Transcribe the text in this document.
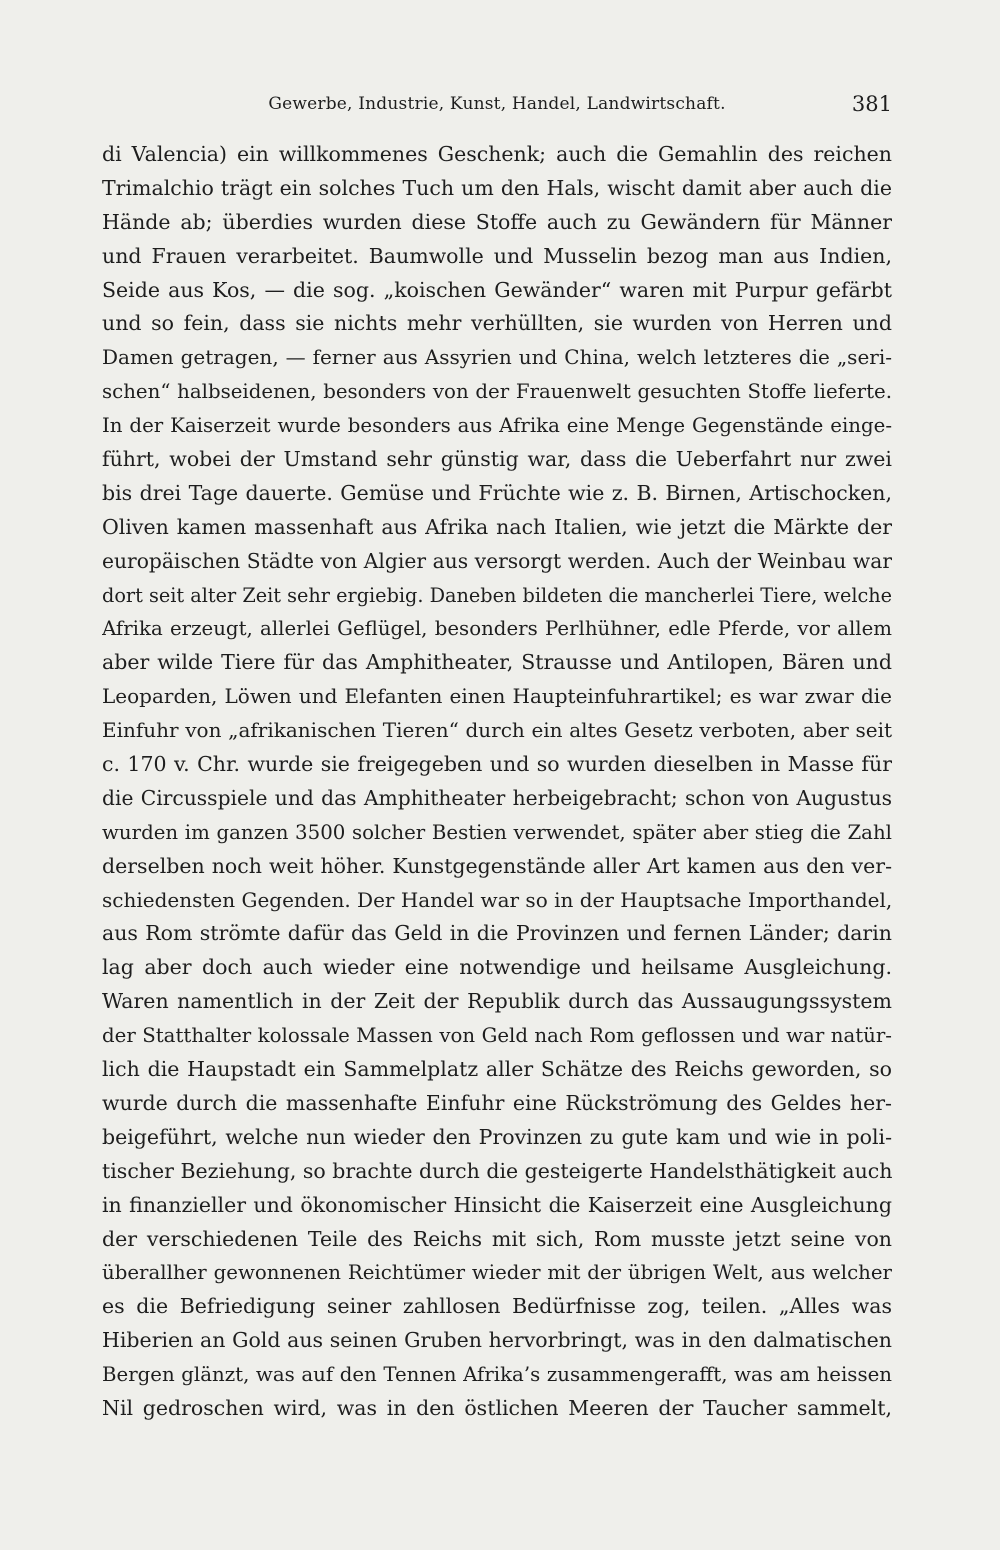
Gewerbe, Industrie, Kunst, Handel, Landwirtschaft.	381
di Valencia) ein willkommenes Geschenk; auch die Gemahlin des reichen
Trimalchio trägt ein solches Tuch um den Hals, wischt damit aber auch die
Hände ab; überdies wurden diese Stoffe auch zu Gewändern für Männer
und Frauen verarbeitet. Baumwolle und Musselin bezog man aus Indien,
Seide aus Kos, — die sog. „koischen Gewänder“ waren mit Purpur gefärbt
und so fein, dass sie nichts mehr verhüllten, sie wurden von Herren und
Damen getragen, — ferner aus Assyrien und China, welch letzteres die „seri-
schen“ halbseidenen, besonders von der Frauenwelt gesuchten Stoffe lieferte.
In der Kaiserzeit wurde besonders aus Afrika eine Menge Gegenstände einge-
führt, wobei der Umstand sehr günstig war, dass die Ueberfahrt nur zwei
bis drei Tage dauerte. Gemüse und Früchte wie z. B. Birnen, Artischocken,
Oliven kamen massenhaft aus Afrika nach Italien, wie jetzt die Märkte der
europäischen Städte von Algier aus versorgt werden. Auch der Weinbau war
dort seit alter Zeit sehr ergiebig. Daneben bildeten die mancherlei Tiere, welche
Afrika erzeugt, allerlei Geflügel, besonders Perlhühner, edle Pferde, vor allem
aber wilde Tiere für das Amphitheater, Strausse und Antilopen, Bären und
Leoparden, Löwen und Elefanten einen Haupteinfuhrartikel; es war zwar die
Einfuhr von „afrikanischen Tieren“ durch ein altes Gesetz verboten, aber seit
c. 170 v. Chr. wurde sie freigegeben und so wurden dieselben in Masse für
die Circusspiele und das Amphitheater herbeigebracht; schon von Augustus
wurden im ganzen 3500 solcher Bestien verwendet, später aber stieg die Zahl
derselben noch weit höher. Kunstgegenstände aller Art kamen aus den ver-
schiedensten Gegenden. Der Handel war so in der Hauptsache Importhandel,
aus Rom strömte dafür das Geld in die Provinzen und fernen Länder; darin
lag aber doch auch wieder eine notwendige und heilsame Ausgleichung.
Waren namentlich in der Zeit der Republik durch das Aussaugungssystem
der Statthalter kolossale Massen von Geld nach Rom geflossen und war natür-
lich die Haupstadt ein Sammelplatz aller Schätze des Reichs geworden, so
wurde durch die massenhafte Einfuhr eine Rückströmung des Geldes her-
beigeführt, welche nun wieder den Provinzen zu gute kam und wie in poli-
tischer Beziehung, so brachte durch die gesteigerte Handelsthätigkeit auch
in finanzieller und ökonomischer Hinsicht die Kaiserzeit eine Ausgleichung
der verschiedenen Teile des Reichs mit sich, Rom musste jetzt seine von
überallher gewonnenen Reichtümer wieder mit der übrigen Welt, aus welcher
es die Befriedigung seiner zahllosen Bedürfnisse zog, teilen. „Alles was
Hiberien an Gold aus seinen Gruben hervorbringt, was in den dalmatischen
Bergen glänzt, was auf den Tennen Afrika’s zusammengerafft, was am heissen
Nil gedroschen wird, was in den östlichen Meeren der Taucher sammelt,
